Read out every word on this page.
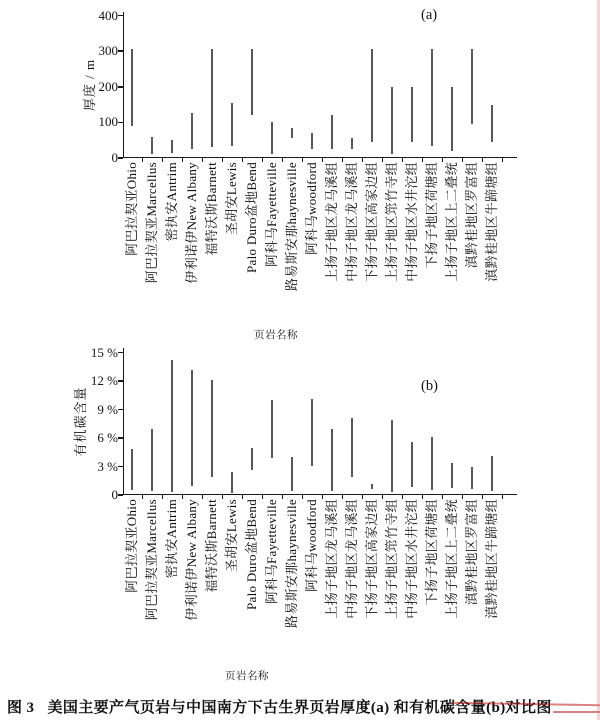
厚度 / m
(a)
页岩名称
有机碳含量
(b)
页岩名称
图 3 美国主要产气页岩与中国南方下古生界页岩厚度(a) 和有机碳含量(b)对比图
0
100
200
300
400
阿巴拉契亚Ohio 阿巴拉契亚Marcellus 密执安Antrim 伊利诺伊New Albany 福特沃斯Barnett 圣胡安Lewis Palo Duro盆地Bend 阿科马Fayetteville 路易斯安那haynesville 阿科马woodford 上扬子地区龙马溪组 中扬子地区龙马溪组 下扬子地区高家边组 上扬子地区筇竹寺组 中扬子地区水井沱组 下扬子地区荷塘组 上扬子地区上二叠统 滇黔桂地区罗富组 滇黔桂地区牛蹄塘组
0
3 %
6 %
9 %
12 %
15 %
阿巴拉契亚Ohio 阿巴拉契亚Marcellus 密执安Antrim 伊利诺伊New Albany 福特沃斯Barnett 圣胡安Lewis Palo Duro盆地Bend 阿科马Fayetteville 路易斯安那haynesville 阿科马woodford 上扬子地区龙马溪组 中扬子地区龙马溪组 下扬子地区高家边组 上扬子地区筇竹寺组 中扬子地区水井沱组 下扬子地区荷塘组 上扬子地区上二叠统 滇黔桂地区罗富组 滇黔桂地区牛蹄塘组
